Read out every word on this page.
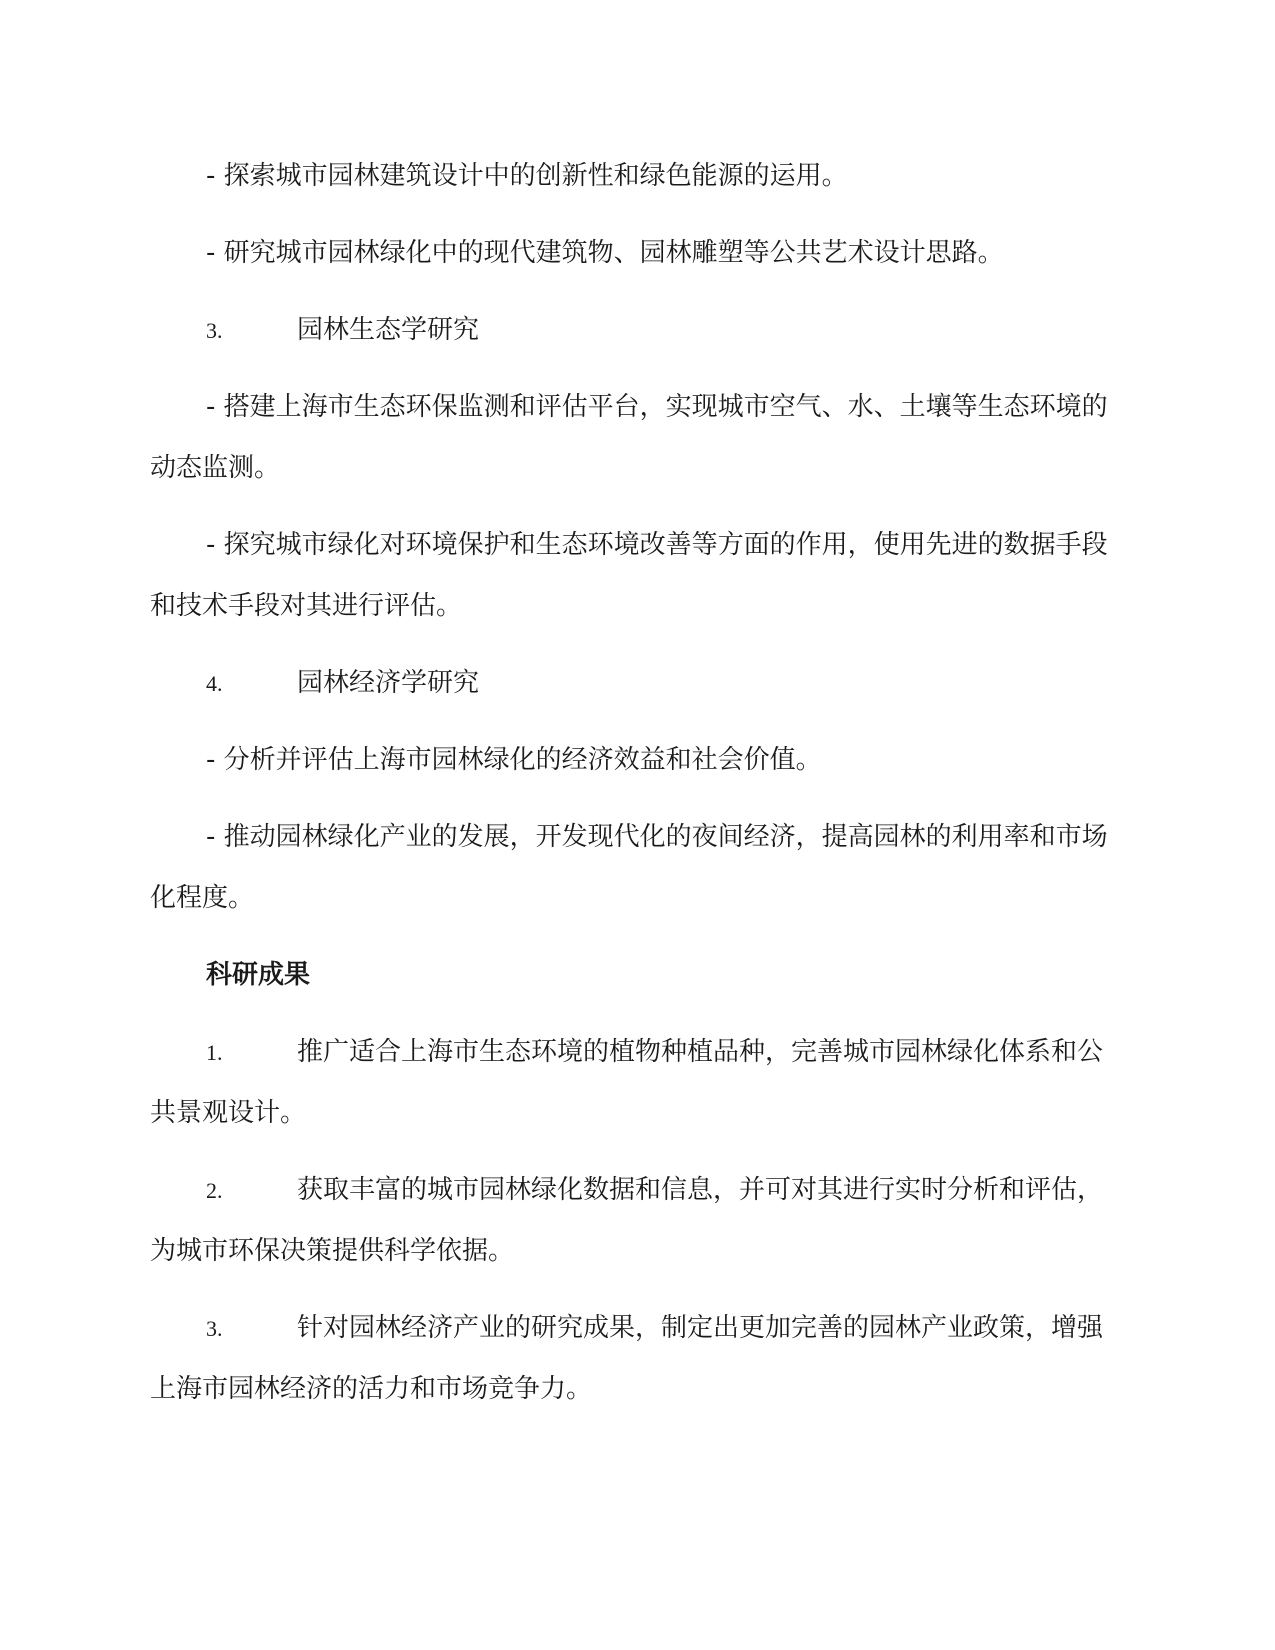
- 探索城市园林建筑设计中的创新性和绿色能源的运用。

- 研究城市园林绿化中的现代建筑物、园林雕塑等公共艺术设计思路。

3.	园林生态学研究

- 搭建上海市生态环保监测和评估平台，实现城市空气、水、土壤等生态环境的动态监测。

- 探究城市绿化对环境保护和生态环境改善等方面的作用，使用先进的数据手段和技术手段对其进行评估。

4.	园林经济学研究

- 分析并评估上海市园林绿化的经济效益和社会价值。

- 推动园林绿化产业的发展，开发现代化的夜间经济，提高园林的利用率和市场化程度。

科研成果

1.	推广适合上海市生态环境的植物种植品种，完善城市园林绿化体系和公共景观设计。

2.	获取丰富的城市园林绿化数据和信息，并可对其进行实时分析和评估，为城市环保决策提供科学依据。

3.	针对园林经济产业的研究成果，制定出更加完善的园林产业政策，增强上海市园林经济的活力和市场竞争力。
